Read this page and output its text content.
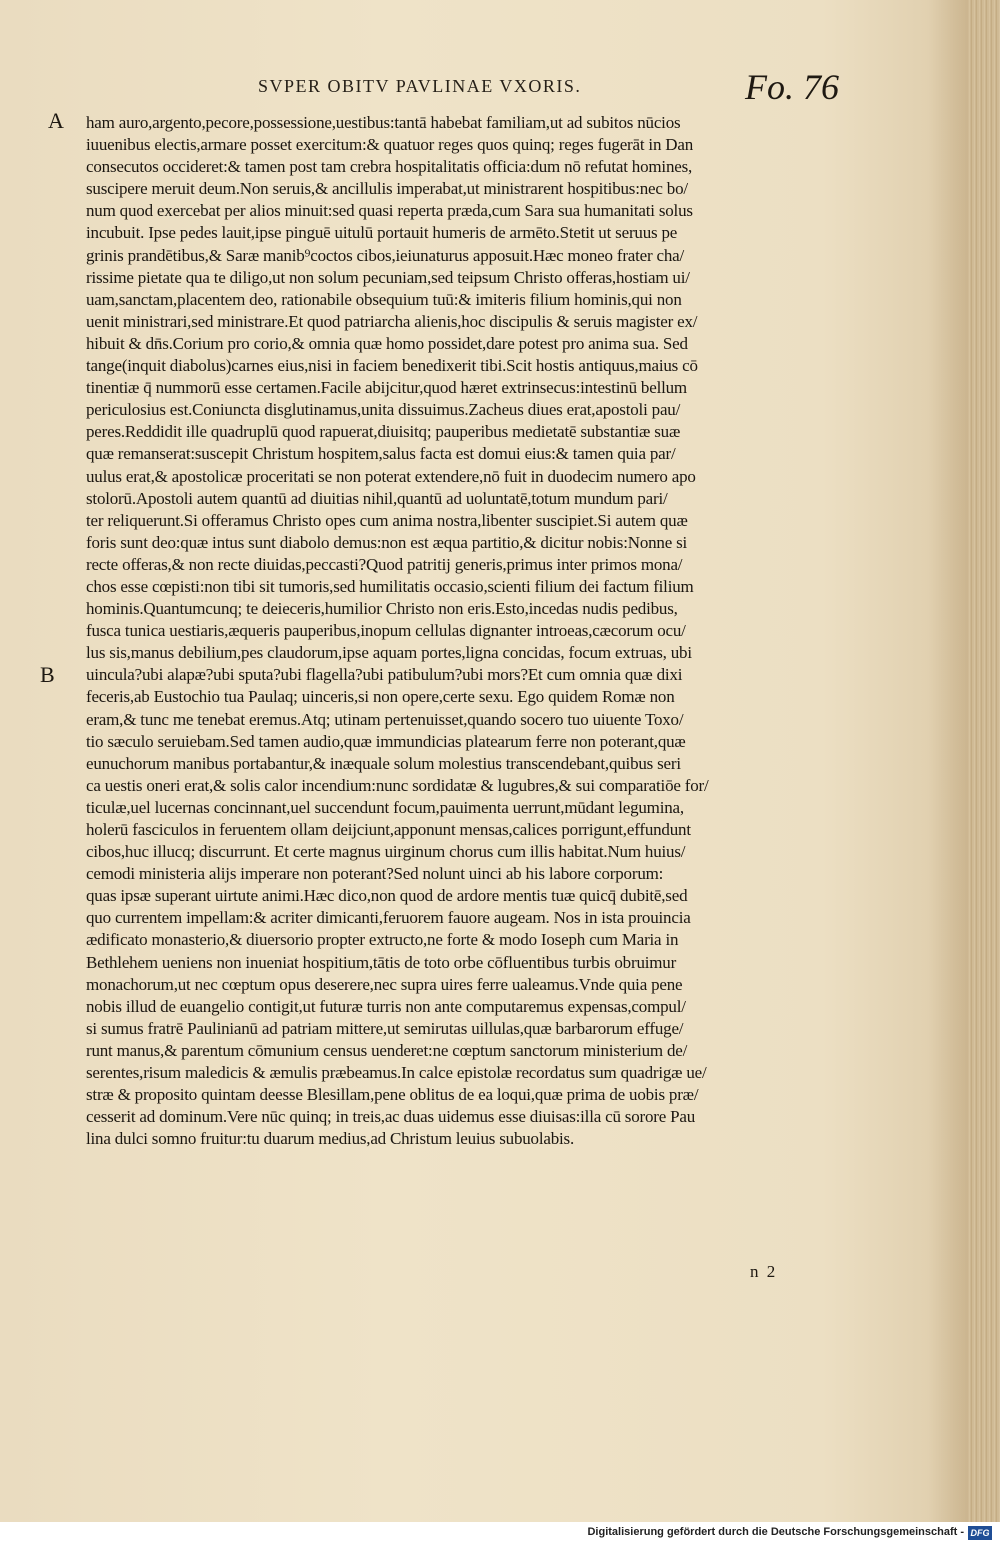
SVPER OBITV PAVLINAE VXORIS.	Fo. 76
A
B
ham auro,argento,pecore,possessione,uestibus:tantā habebat familiam,ut ad subitos nūcios
iuuenibus electis,armare posset exercitum:& quatuor reges quos quinq; reges fugerāt in Dan
consecutos occideret:& tamen post tam crebra hospitalitatis officia:dum nō refutat homines,
suscipere meruit deum.Non seruis,& ancillulis imperabat,ut ministrarent hospitibus:nec bo/
num quod exercebat per alios minuit:sed quasi reperta præda,cum Sara sua humanitati solus
incubuit. Ipse pedes lauit,ipse pinguē uitulū portauit humeris de armēto.Stetit ut seruus pe
grinis prandētibus,& Saræ manib⁹coctos cibos,ieiunaturus apposuit.Hæc moneo frater cha/
rissime pietate qua te diligo,ut non solum pecuniam,sed teipsum Christo offeras,hostiam ui/
uam,sanctam,placentem deo, rationabile obsequium tuū:& imiteris filium hominis,qui non
uenit ministrari,sed ministrare.Et quod patriarcha alienis,hoc discipulis & seruis magister ex/
hibuit & dn̄s.Corium pro corio,& omnia quæ homo possidet,dare potest pro anima sua. Sed
tange(inquit diabolus)carnes eius,nisi in faciem benedixerit tibi.Scit hostis antiquus,maius cō
tinentiæ q̄ nummorū esse certamen.Facile abijcitur,quod hæret extrinsecus:intestinū bellum
periculosius est.Coniuncta disglutinamus,unita dissuimus.Zacheus diues erat,apostoli pau/
peres.Reddidit ille quadruplū quod rapuerat,diuisitq; pauperibus medietatē substantiæ suæ
quæ remanserat:suscepit Christum hospitem,salus facta est domui eius:& tamen quia par/
uulus erat,& apostolicæ proceritati se non poterat extendere,nō fuit in duodecim numero apo
stolorū.Apostoli autem quantū ad diuitias nihil,quantū ad uoluntatē,totum mundum pari/
ter reliquerunt.Si offeramus Christo opes cum anima nostra,libenter suscipiet.Si autem quæ
foris sunt deo:quæ intus sunt diabolo demus:non est æqua partitio,& dicitur nobis:Nonne si
recte offeras,& non recte diuidas,peccasti?Quod patritij generis,primus inter primos mona/
chos esse cœpisti:non tibi sit tumoris,sed humilitatis occasio,scienti filium dei factum filium
hominis.Quantumcunq; te deieceris,humilior Christo non eris.Esto,incedas nudis pedibus,
fusca tunica uestiaris,æqueris pauperibus,inopum cellulas dignanter introeas,cæcorum ocu/
lus sis,manus debilium,pes claudorum,ipse aquam portes,ligna concidas, focum extruas, ubi
uincula?ubi alapæ?ubi sputa?ubi flagella?ubi patibulum?ubi mors?Et cum omnia quæ dixi
feceris,ab Eustochio tua Paulaq; uinceris,si non opere,certe sexu. Ego quidem Romæ non
eram,& tunc me tenebat eremus.Atq; utinam pertenuisset,quando socero tuo uiuente Toxo/
tio sæculo seruiebam.Sed tamen audio,quæ immundicias platearum ferre non poterant,quæ
eunuchorum manibus portabantur,& inæquale solum molestius transcendebant,quibus seri
ca uestis oneri erat,& solis calor incendium:nunc sordidatæ & lugubres,& sui comparatiōe for/
ticulæ,uel lucernas concinnant,uel succendunt focum,pauimenta uerrunt,mūdant legumina,
holerū fasciculos in feruentem ollam deijciunt,apponunt mensas,calices porrigunt,effundunt
cibos,huc illucq; discurrunt. Et certe magnus uirginum chorus cum illis habitat.Num huius/
cemodi ministeria alijs imperare non poterant?Sed nolunt uinci ab his labore corporum:
quas ipsæ superant uirtute animi.Hæc dico,non quod de ardore mentis tuæ quicq̄ dubitē,sed
quo currentem impellam:& acriter dimicanti,feruorem fauore augeam. Nos in ista prouincia
ædificato monasterio,& diuersorio propter extructo,ne forte & modo Ioseph cum Maria in
Bethlehem ueniens non inueniat hospitium,tātis de toto orbe cōfluentibus turbis obruimur
monachorum,ut nec cœptum opus deserere,nec supra uires ferre ualeamus.Vnde quia pene
nobis illud de euangelio contigit,ut futuræ turris non ante computaremus expensas,compul/
si sumus fratrē Paulinianū ad patriam mittere,ut semirutas uillulas,quæ barbarorum effuge/
runt manus,& parentum cōmunium census uenderet:ne cœptum sanctorum ministerium de/
serentes,risum maledicis & æmulis præbeamus.In calce epistolæ recordatus sum quadrigæ ue/
stræ & proposito quintam deesse Blesillam,pene oblitus de ea loqui,quæ prima de uobis præ/
cesserit ad dominum.Vere nūc quinq; in treis,ac duas uidemus esse diuisas:illa cū sorore Pau
lina dulci somno fruitur:tu duarum medius,ad Christum leuius subuolabis.
n 2
Digitalisierung gefördert durch die Deutsche Forschungsgemeinschaft - DFG
